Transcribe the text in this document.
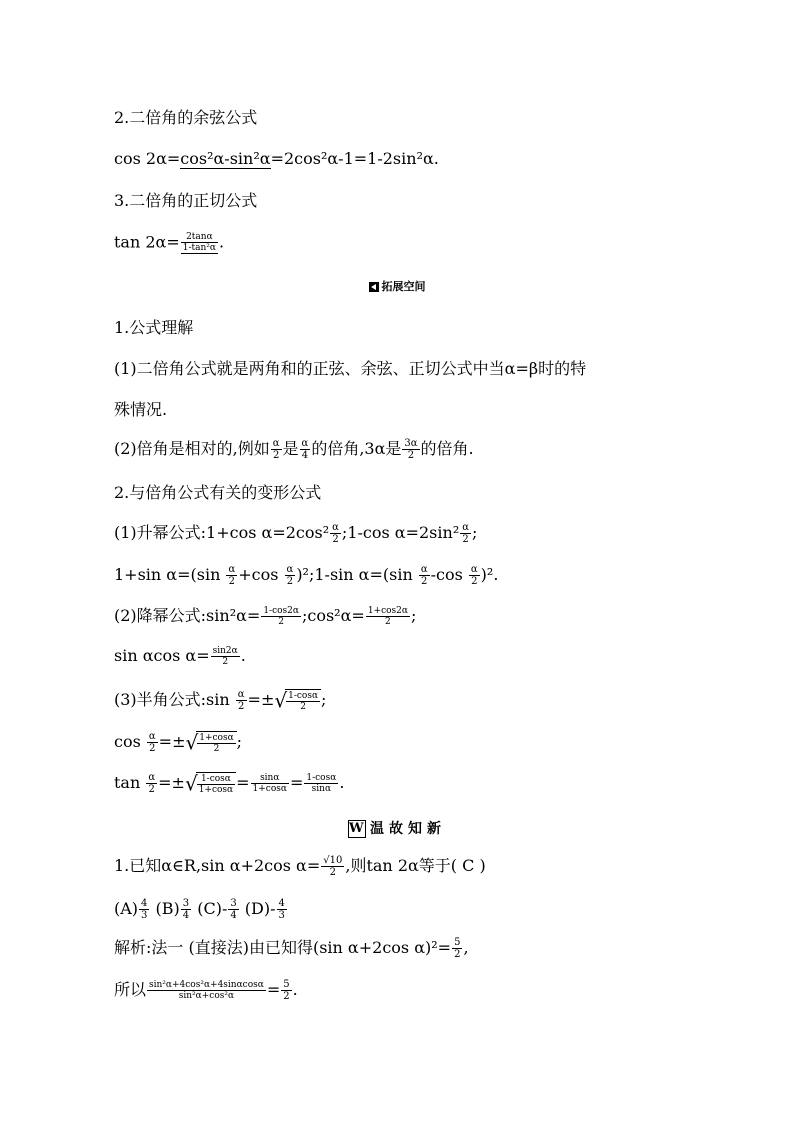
2.二倍角的余弦公式
cos 2α=cos²α-sin²α=2cos²α-1=1-2sin²α.
3.二倍角的正切公式
$\tan 2\alpha= \frac{2\tan\alpha}{\text{1-tan²α}}$ .
拓展空间
1.公式理解
(1)二倍角公式就是两角和的正弦、余弦、正切公式中当α=β时的特
殊情况.
(2)倍角是相对的,例如 $\frac{\alpha}{2}$ 是 $\frac{\alpha}{4}$ 的倍角,3α是 $\frac{3\alpha}{2}$ 的倍角.
2.与倍角公式有关的变形公式
(1)升幂公式:1+cos $\alpha=2\cos^2 \frac{\alpha}{2}$ ;1-cos $\alpha=2\sin^2 \frac{\alpha}{2}$ ;
1+sin $\alpha=(\sin \frac{\alpha}{2} +\cos \frac{\alpha}{2}$ )²;1-sin $\alpha=(\sin \frac{\alpha}{2} -\cos \frac{\alpha}{2} )^2$.
(2)降幂公式:sin²α= $\frac{1-\cos 2\alpha}{2}$ ;cos²α= $\frac{1+\cos 2\alpha}{2}$ ;
sin αcos $\alpha= \frac{\sin 2\alpha}{2}$ .
(3)半角公式:sin $\frac{\alpha}{2}$ =±√ $\frac{1-\cos\alpha}{2}$ ;
$\cos \frac{\alpha}{2}$ =±√ $\frac{1+\cos\alpha}{2}$ ;
$\tan \frac{\alpha}{2}$ =±√ $\frac{1-\cos\alpha}{1+\cos\alpha} = \frac{\sin\alpha}{1+\cos\alpha} = \frac{1-\cos\alpha}{\sin\alpha}$ .
W 温故知新
1.已知α∈R,sin α+2cos $\alpha= \frac{√10}{2}$ ,则tan 2α等于( C )
$(A) \frac{4}{3} (B) \frac{3}{4} (C)- \frac{3}{4} (D)- \frac{4}{3}$
解析:法一 (直接法)由已知得(sin α+2cos $\alpha)^2= \frac{5}{2}$ ,
所以 $\frac{\text{sin²α+4cos²α+4sinαcosα}}{\text{sin²α+cos²α}} = \frac{5}{2}$ .
